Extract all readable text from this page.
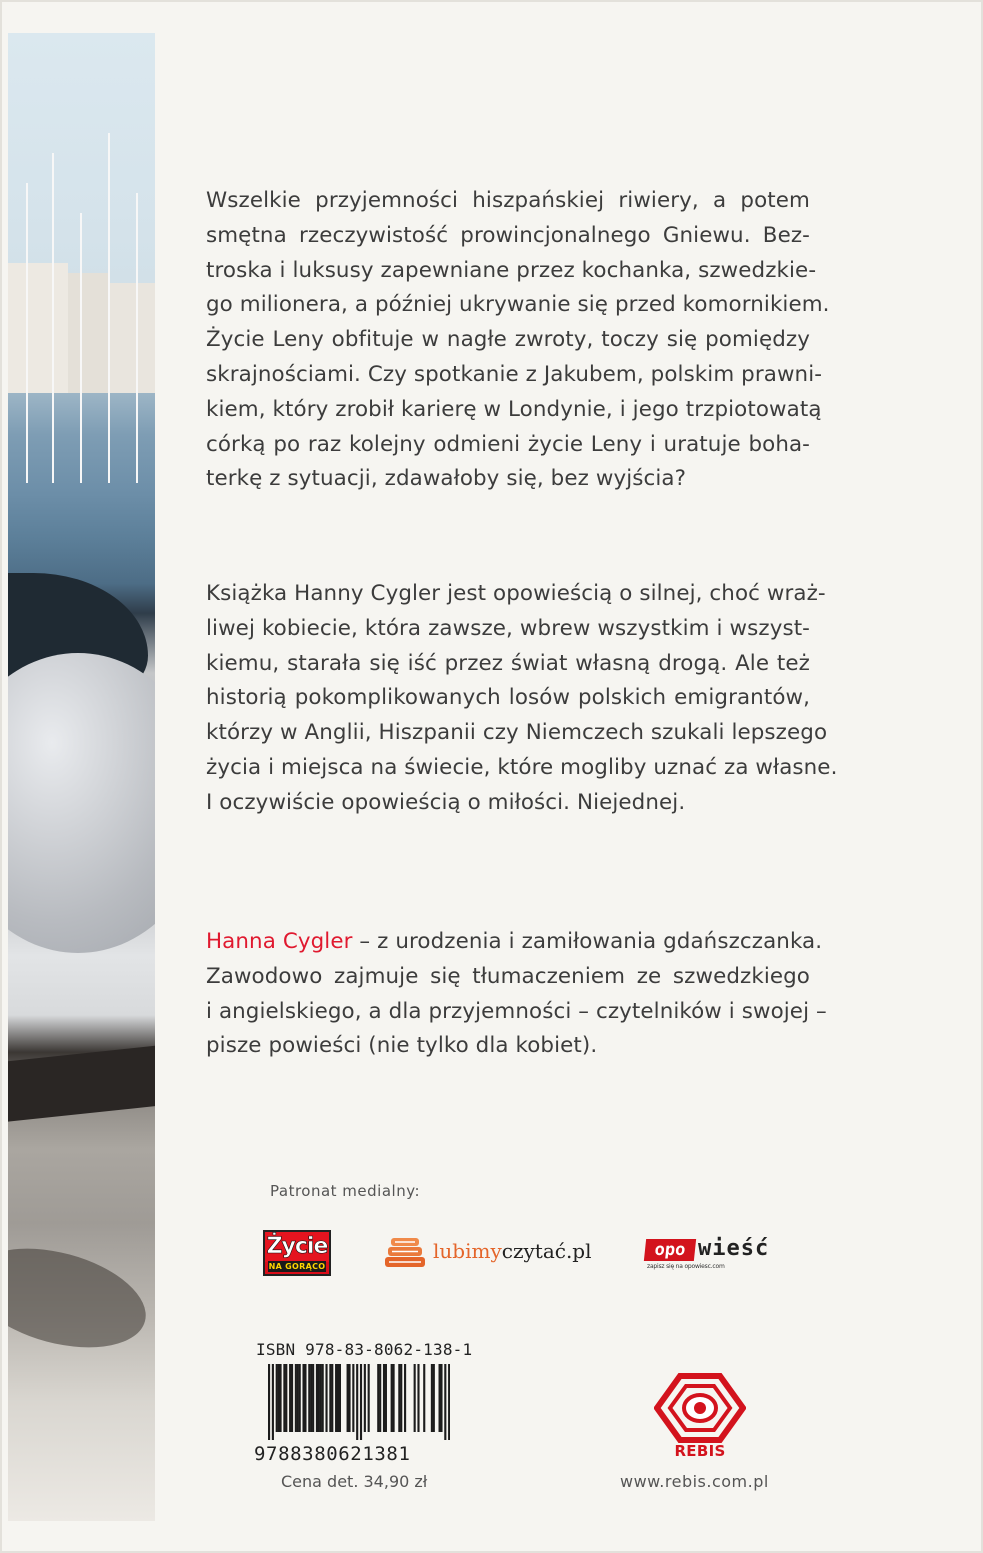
Wszelkie przyjemności hiszpańskiej riwiery, a potem
smętna rzeczywistość prowincjonalnego Gniewu. Bez-
troska i luksusy zapewniane przez kochanka, szwedzkie-
go milionera, a później ukrywanie się przed komornikiem.
Życie Leny obfituje w nagłe zwroty, toczy się pomiędzy
skrajnościami. Czy spotkanie z Jakubem, polskim prawni-
kiem, który zrobił karierę w Londynie, i jego trzpiotowatą
córką po raz kolejny odmieni życie Leny i uratuje boha-
terkę z sytuacji, zdawałoby się, bez wyjścia?
Książka Hanny Cygler jest opowieścią o silnej, choć wraż-
liwej kobiecie, która zawsze, wbrew wszystkim i wszyst-
kiemu, starała się iść przez świat własną drogą. Ale też
historią pokomplikowanych losów polskich emigrantów,
którzy w Anglii, Hiszpanii czy Niemczech szukali lepszego
życia i miejsca na świecie, które mogliby uznać za własne.
I oczywiście opowieścią o miłości. Niejednej.
Hanna Cygler – z urodzenia i zamiłowania gdańszczanka.
Zawodowo zajmuje się tłumaczeniem ze szwedzkiego
i angielskiego, a dla przyjemności – czytelników i swojej –
pisze powieści (nie tylko dla kobiet).
Patronat medialny:
Życie
NA GORĄCO
lubimyczytać.pl	opo wieść
zapisz się na opowiesc.com
ISBN 978-83-8062-138-1
9788380621381
Cena det. 34,90 zł
REBIS
www.rebis.com.pl
